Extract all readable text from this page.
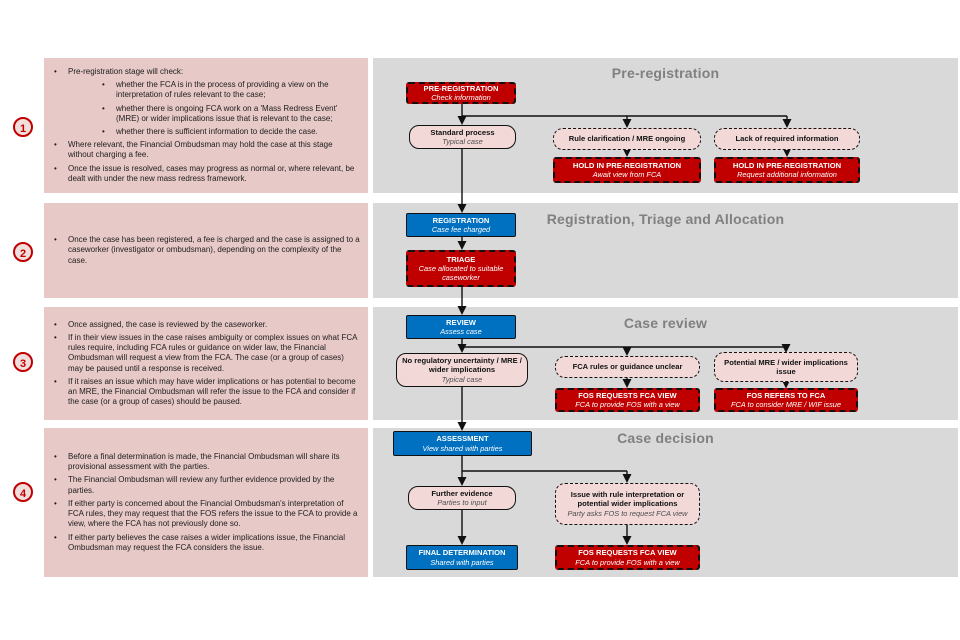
1
2
3
4
•	Pre-registration stage will check:
•	whether the FCA is in the process of providing a view on the interpretation of rules relevant to the case;
•	whether there is ongoing FCA work on a 'Mass Redress Event' (MRE) or wider implications issue that is relevant to the case;
•	whether there is sufficient information to decide the case.
•	Where relevant, the Financial Ombudsman may hold the case at this stage without charging a fee.
•	Once the issue is resolved, cases may progress as normal or, where relevant, be dealt with under the new mass redress framework.
•	Once the case has been registered, a fee is charged and the case is assigned to a caseworker (investigator or ombudsman), depending on the complexity of the case.
•	Once assigned, the case is reviewed by the caseworker.
•	If in their view issues in the case raises ambiguity or complex issues on what FCA rules require, including FCA rules or guidance on wider law, the Financial Ombudsman will request a view from the FCA. The case (or a group of cases) may be paused until a response is received.
•	If it raises an issue which may have wider implications or has potential to become an MRE, the Financial Ombudsman will refer the issue to the FCA and consider if the case (or a group of cases) should be paused.
•	Before a final determination is made, the Financial Ombudsman will share its provisional assessment with the parties.
•	The Financial Ombudsman will review any further evidence provided by the parties.
•	If either party is concerned about the Financial Ombudsman's interpretation of FCA rules, they may request that the FOS refers the issue to the FCA to provide a view, where the FCA has not previously done so.
•	If either party believes the case raises a wider implications issue, the Financial Ombudsman may request the FCA considers the issue.
Pre-registration
Registration, Triage and Allocation
Case review
Case decision
PRE-REGISTRATION
Check information
Standard process
Typical case	Rule clarification / MRE ongoing	Lack of required information
HOLD IN PRE-REGISTRATION
Await view from FCA
HOLD IN PRE-REGISTRATION
Request additional information
REGISTRATION
Case fee charged
TRIAGE
Case allocated to suitable caseworker
REVIEW
Assess case
No regulatory uncertainty / MRE / wider implications
Typical case
FCA rules or guidance unclear
Potential MRE / wider implications issue
FOS REQUESTS FCA VIEW
FCA to provide FOS with a view
FOS REFERS TO FCA
FCA to consider MRE / WIF issue
ASSESSMENT
View shared with parties
Further evidence
Parties to input
Issue with rule interpretation or potential wider implications
Party asks FOS to request FCA view
FINAL DETERMINATION
Shared with parties
FOS REQUESTS FCA VIEW
FCA to provide FOS with a view
